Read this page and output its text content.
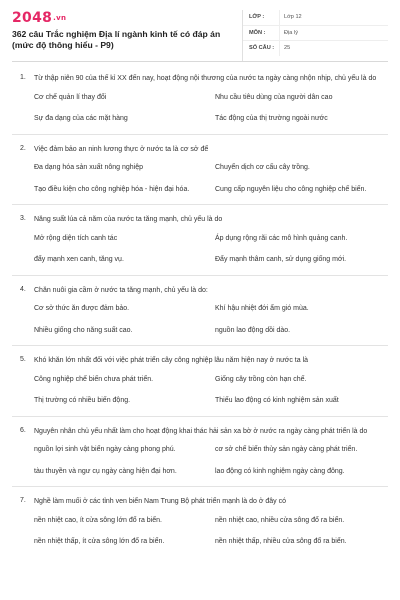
2048.vn
362 câu Trắc nghiệm Địa lí ngành kinh tế có đáp án (mức độ thông hiểu - P9)
LỚP :	Lớp 12
MÔN :	Địa lý
SỐ CÂU :	25
1. Từ thập niên 90 của thế kỉ XX đến nay, hoạt động nội thương của nước ta ngày càng nhộn nhịp, chủ yếu là do
Cơ chế quản lí thay đổi	Nhu cầu tiêu dùng của người dân cao
Sự đa dạng của các mặt hàng	Tác động của thị trường ngoài nước
2. Việc đảm bảo an ninh lương thực ở nước ta là cơ sở để
Đa dạng hóa sản xuất nông nghiệp	Chuyển dịch cơ cấu cây trồng.
Tạo điều kiện cho công nghiệp hóa - hiện đại hóa.	Cung cấp nguyên liệu cho công nghiệp chế biến.
3. Năng suất lúa cả năm của nước ta tăng mạnh, chủ yếu là do
Mở rộng diện tích canh tác	Áp dụng rộng rãi các mô hình quảng canh.
đẩy mạnh xen canh, tăng vụ.	Đẩy mạnh thâm canh, sử dụng giống mới.
4. Chăn nuôi gia cầm ở nước ta tăng mạnh, chủ yếu là do:
Cơ sở thức ăn được đảm bảo.	Khí hậu nhiệt đới ẩm gió mùa.
Nhiều giống cho năng suất cao.	nguồn lao động dồi dào.
5. Khó khăn lớn nhất đối với việc phát triển cây công nghiệp lâu năm hiện nay ở nước ta là
Công nghiệp chế biến chưa phát triển.	Giống cây trồng còn hạn chế.
Thị trường có nhiều biến động.	Thiếu lao động có kinh nghiệm sản xuất
6. Nguyên nhân chủ yếu nhất làm cho hoạt động khai thác hải sản xa bờ ở nước ra ngày càng phát triển là do
nguồn lợi sinh vật biển ngày càng phong phú.	cơ sở chế biến thủy sản ngày càng phát triển.
tàu thuyền và ngư cụ ngày càng hiện đại hơn.	lao động có kinh nghiệm ngày càng đông.
7. Nghề làm muối ở các tỉnh ven biển Nam Trung Bộ phát triển mạnh là do ở đây có
nền nhiệt cao, ít cửa sông lớn đổ ra biển.	nền nhiệt cao, nhiều cửa sông đổ ra biển.
nền nhiệt thấp, ít cửa sông lớn đổ ra biển.	nền nhiệt thấp, nhiều cửa sông đổ ra biển.
